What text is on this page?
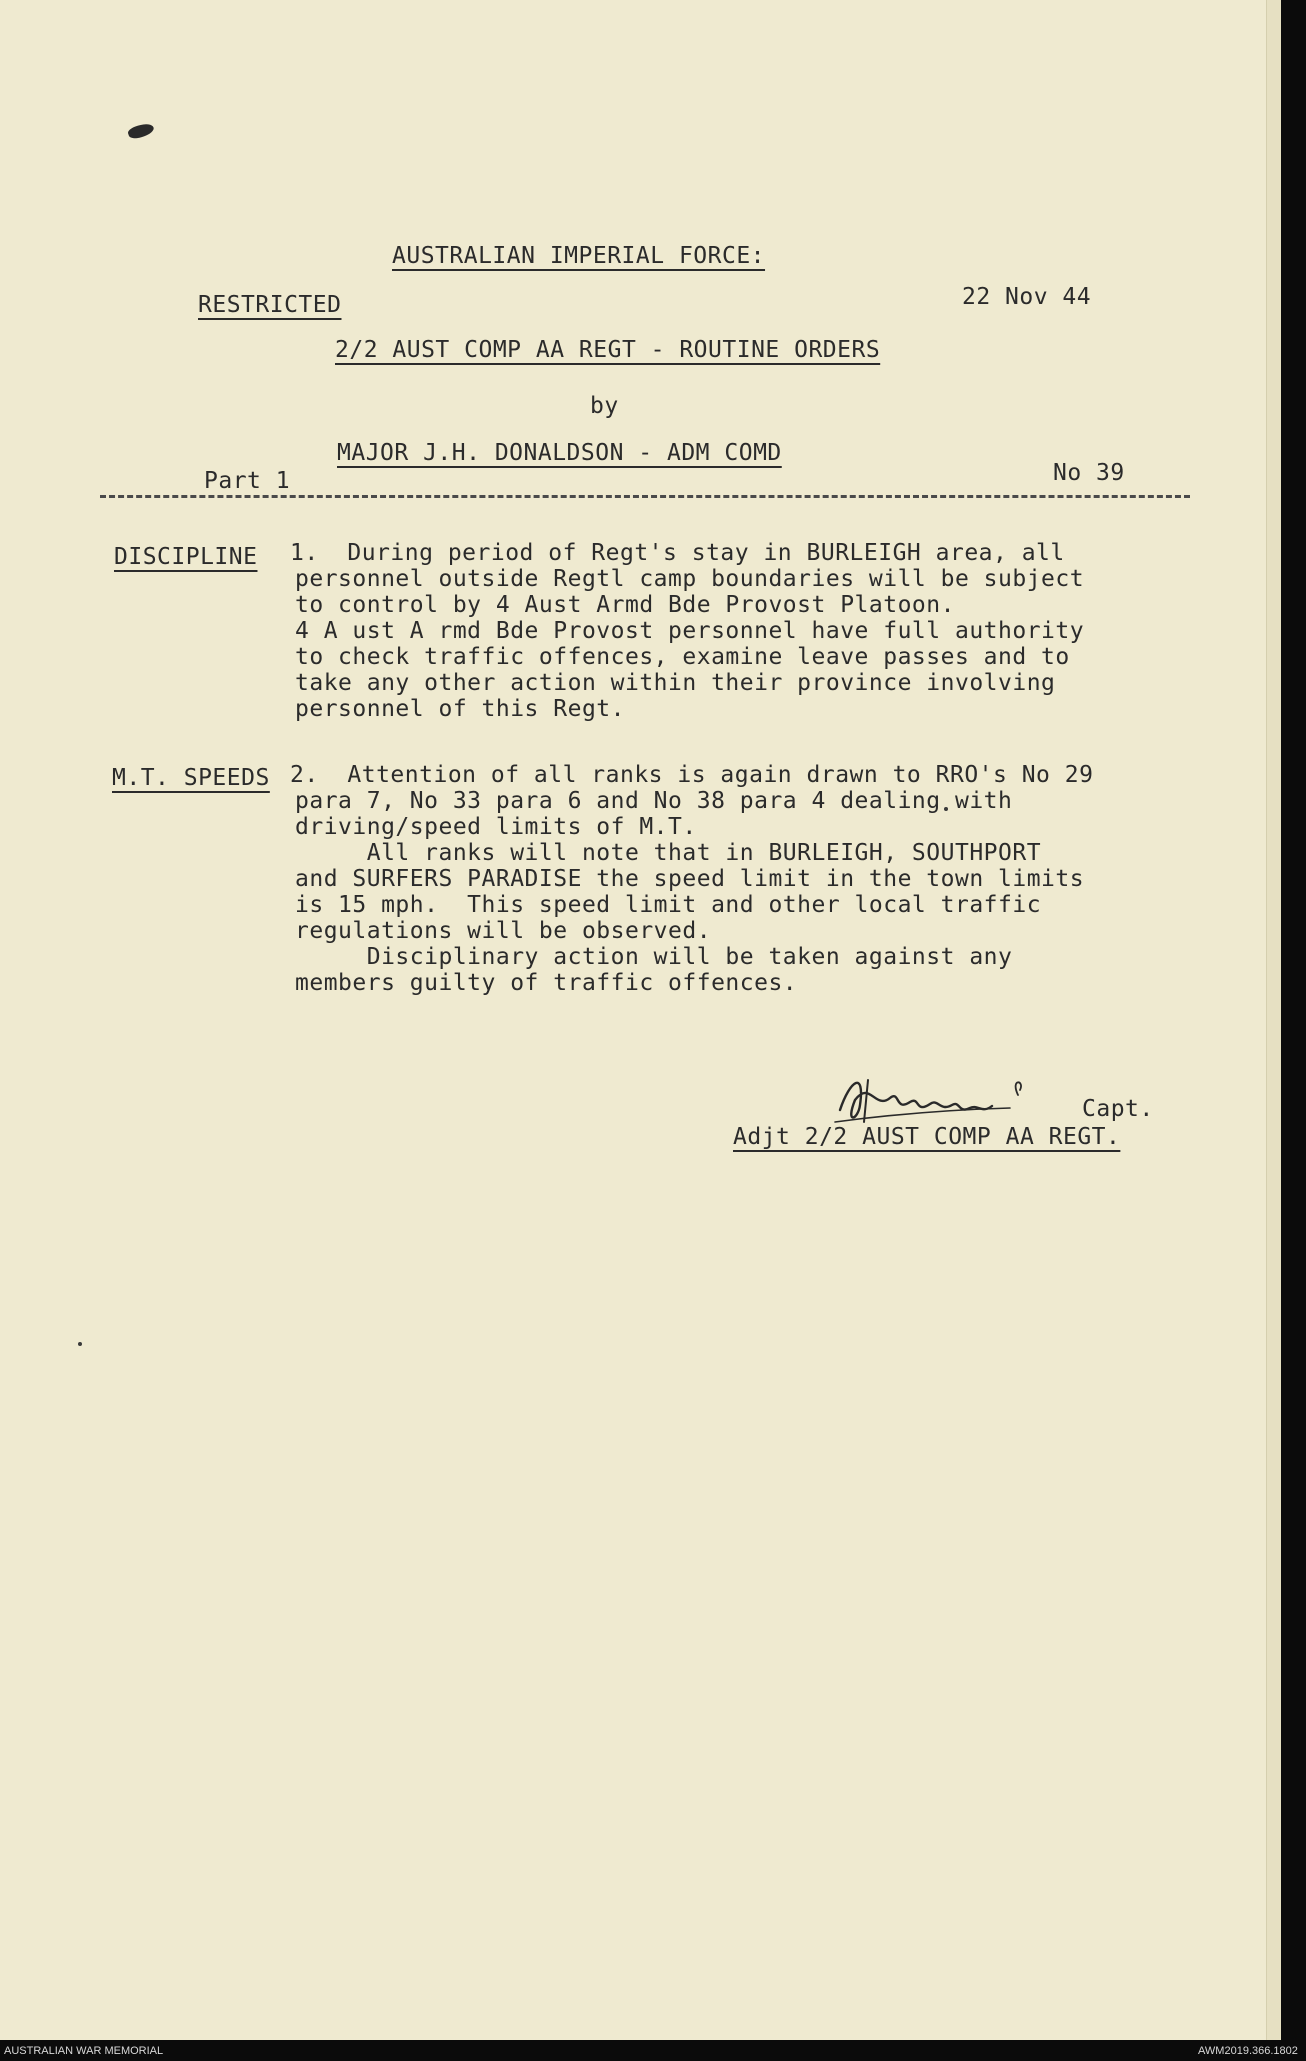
AUSTRALIAN IMPERIAL FORCE:
RESTRICTED	22 Nov 44
2/2 AUST COMP AA REGT - ROUTINE ORDERS
by
MAJOR J.H. DONALDSON - ADM COMD
Part 1	No 39
DISCIPLINE 1.  During period of Regt's stay in BURLEIGH area, all
personnel outside Regtl camp boundaries will be subject
to control by 4 Aust Armd Bde Provost Platoon.
4 A ust A rmd Bde Provost personnel have full authority
to check traffic offences, examine leave passes and to
take any other action within their province involving
personnel of this Regt.
M.T. SPEEDS 2.  Attention of all ranks is again drawn to RRO's No 29
para 7, No 33 para 6 and No 38 para 4 dealing with
driving/speed limits of M.T.
All ranks will note that in BURLEIGH, SOUTHPORT
and SURFERS PARADISE the speed limit in the town limits
is 15 mph.  This speed limit and other local traffic
regulations will be observed.
Disciplinary action will be taken against any
members guilty of traffic offences.
Capt.
Adjt 2/2 AUST COMP AA REGT.
AUSTRALIAN WAR MEMORIAL	AWM2019.366.1802
